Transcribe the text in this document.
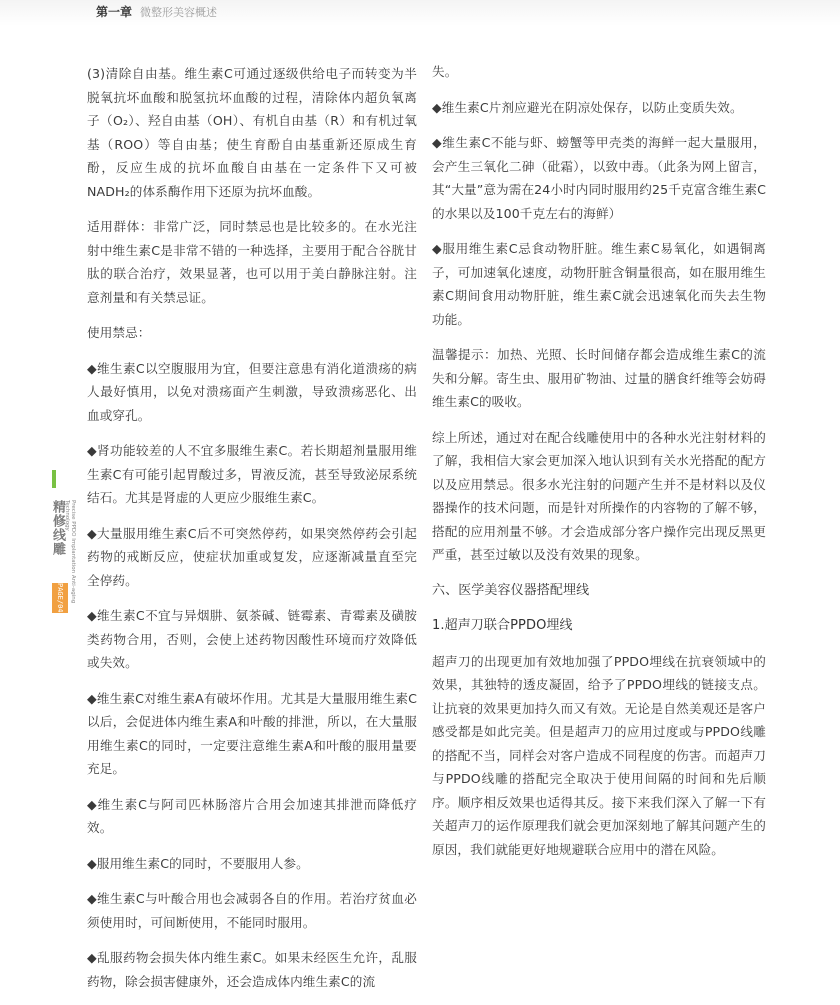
第一章 微整形美容概述
精修线雕 Precise PPDO Implantation Anti-aging Technology
PAGE/040

(3)清除自由基。维生素C可通过逐级供给电子而转变为半脱氧抗坏血酸和脱氢抗坏血酸的过程，清除体内超负氧离子（O₂）、羟自由基（OH）、有机自由基（R）和有机过氧基（ROO）等自由基；使生育酚自由基重新还原成生育酚，反应生成的抗坏血酸自由基在一定条件下又可被NADH₂的体系酶作用下还原为抗坏血酸。

适用群体：非常广泛，同时禁忌也是比较多的。在水光注射中维生素C是非常不错的一种选择，主要用于配合谷胱甘肽的联合治疗，效果显著，也可以用于美白静脉注射。注意剂量和有关禁忌证。

使用禁忌：

◆维生素C以空腹服用为宜，但要注意患有消化道溃疡的病人最好慎用，以免对溃疡面产生刺激，导致溃疡恶化、出血或穿孔。

◆肾功能较差的人不宜多服维生素C。若长期超剂量服用维生素C有可能引起胃酸过多，胃液反流，甚至导致泌尿系统结石。尤其是肾虚的人更应少服维生素C。

◆大量服用维生素C后不可突然停药，如果突然停药会引起药物的戒断反应，使症状加重或复发，应逐渐减量直至完全停药。

◆维生素C不宜与异烟肼、氨茶碱、链霉素、青霉素及磺胺类药物合用，否则，会使上述药物因酸性环境而疗效降低或失效。

◆维生素C对维生素A有破坏作用。尤其是大量服用维生素C以后，会促进体内维生素A和叶酸的排泄，所以，在大量服用维生素C的同时，一定要注意维生素A和叶酸的服用量要充足。

◆维生素C与阿司匹林肠溶片合用会加速其排泄而降低疗效。

◆服用维生素C的同时，不要服用人参。

◆维生素C与叶酸合用也会减弱各自的作用。若治疗贫血必须使用时，可间断使用，不能同时服用。

◆乱服药物会损失体内维生素C。如果未经医生允许，乱服药物，除会损害健康外，还会造成体内维生素C的流

失。

◆维生素C片剂应避光在阴凉处保存，以防止变质失效。

◆维生素C不能与虾、螃蟹等甲壳类的海鲜一起大量服用，会产生三氧化二砷（砒霜），以致中毒。（此条为网上留言，其“大量”意为需在24小时内同时服用约25千克富含维生素C的水果以及100千克左右的海鲜）

◆服用维生素C忌食动物肝脏。维生素C易氧化，如遇铜离子，可加速氧化速度，动物肝脏含铜量很高，如在服用维生素C期间食用动物肝脏，维生素C就会迅速氧化而失去生物功能。

温馨提示：加热、光照、长时间储存都会造成维生素C的流失和分解。寄生虫、服用矿物油、过量的膳食纤维等会妨碍维生素C的吸收。

综上所述，通过对在配合线雕使用中的各种水光注射材料的了解，我相信大家会更加深入地认识到有关水光搭配的配方以及应用禁忌。很多水光注射的问题产生并不是材料以及仪器操作的技术问题，而是针对所操作的内容物的了解不够，搭配的应用剂量不够。才会造成部分客户操作完出现反黑更严重，甚至过敏以及没有效果的现象。

六、医学美容仪器搭配埋线
1.超声刀联合PPDO埋线

超声刀的出现更加有效地加强了PPDO埋线在抗衰领域中的效果，其独特的透皮凝固，给予了PPDO埋线的链接支点。让抗衰的效果更加持久而又有效。无论是自然美观还是客户感受都是如此完美。但是超声刀的应用过度或与PPDO线雕的搭配不当，同样会对客户造成不同程度的伤害。而超声刀与PPDO线雕的搭配完全取决于使用间隔的时间和先后顺序。顺序相反效果也适得其反。接下来我们深入了解一下有关超声刀的运作原理我们就会更加深刻地了解其问题产生的原因，我们就能更好地规避联合应用中的潜在风险。
